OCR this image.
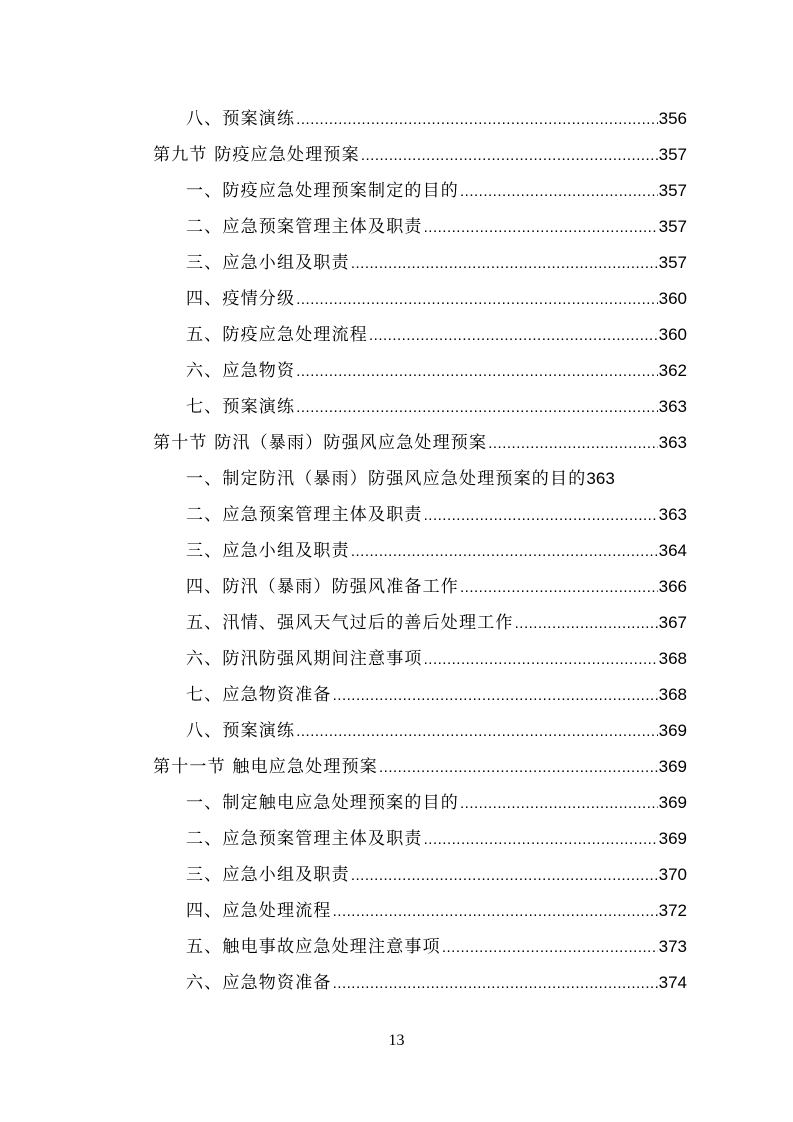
八、预案演练 .....	356
第九节 防疫应急处理预案 .....	357
一、防疫应急处理预案制定的目的 .....	357
二、应急预案管理主体及职责 .....	357
三、应急小组及职责 .....	357
四、疫情分级 .....	360
五、防疫应急处理流程 .....	360
六、应急物资 .....	362
七、预案演练 .....	363
第十节 防汛（暴雨）防强风应急处理预案 .....	363
一、制定防汛（暴雨）防强风应急处理预案的目的 363
二、应急预案管理主体及职责 .....	363
三、应急小组及职责 .....	364
四、防汛（暴雨）防强风准备工作 .....	366
五、汛情、强风天气过后的善后处理工作 .....	367
六、防汛防强风期间注意事项 .....	368
七、应急物资准备 .....	368
八、预案演练 .....	369
第十一节 触电应急处理预案 .....	369
一、制定触电应急处理预案的目的 .....	369
二、应急预案管理主体及职责 .....	369
三、应急小组及职责 .....	370
四、应急处理流程 .....	372
五、触电事故应急处理注意事项 .....	373
六、应急物资准备 .....	374
13
